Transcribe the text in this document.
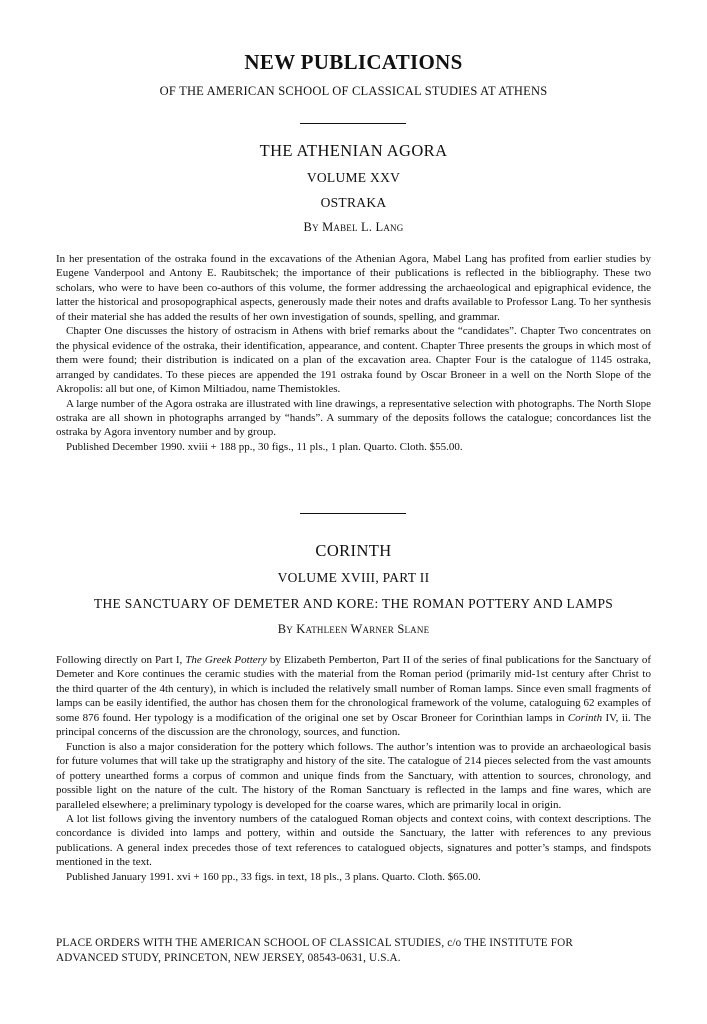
NEW PUBLICATIONS
OF THE AMERICAN SCHOOL OF CLASSICAL STUDIES AT ATHENS
THE ATHENIAN AGORA
VOLUME XXV
OSTRAKA
By Mabel L. Lang

In her presentation of the ostraka found in the excavations of the Athenian Agora, Mabel Lang has profited from earlier studies by Eugene Vanderpool and Antony E. Raubitschek; the importance of their publications is reflected in the bibliography. These two scholars, who were to have been co-authors of this volume, the former addressing the archaeological and epigraphical evidence, the latter the historical and prosopographical aspects, generously made their notes and drafts available to Professor Lang. To her synthesis of their material she has added the results of her own investigation of sounds, spelling, and grammar.

Chapter One discusses the history of ostracism in Athens with brief remarks about the “candidates”. Chapter Two concentrates on the physical evidence of the ostraka, their identification, appearance, and content. Chapter Three presents the groups in which most of them were found; their distribution is indicated on a plan of the excavation area. Chapter Four is the catalogue of 1145 ostraka, arranged by candidates. To these pieces are appended the 191 ostraka found by Oscar Broneer in a well on the North Slope of the Akropolis: all but one, of Kimon Miltiadou, name Themistokles.

A large number of the Agora ostraka are illustrated with line drawings, a representative selection with photographs. The North Slope ostraka are all shown in photographs arranged by “hands”. A summary of the deposits follows the catalogue; concordances list the ostraka by Agora inventory number and by group.

Published December 1990. xviii + 188 pp., 30 figs., 11 pls., 1 plan. Quarto. Cloth. $55.00.

CORINTH
VOLUME XVIII, PART II
THE SANCTUARY OF DEMETER AND KORE: THE ROMAN POTTERY AND LAMPS
By Kathleen Warner Slane

Following directly on Part I, The Greek Pottery by Elizabeth Pemberton, Part II of the series of final publications for the Sanctuary of Demeter and Kore continues the ceramic studies with the material from the Roman period (primarily mid-1st century after Christ to the third quarter of the 4th century), in which is included the relatively small number of Roman lamps. Since even small fragments of lamps can be easily identified, the author has chosen them for the chronological framework of the volume, cataloguing 62 examples of some 876 found. Her typology is a modification of the original one set by Oscar Broneer for Corinthian lamps in Corinth IV, ii. The principal concerns of the discussion are the chronology, sources, and function.

Function is also a major consideration for the pottery which follows. The author’s intention was to provide an archaeological basis for future volumes that will take up the stratigraphy and history of the site. The catalogue of 214 pieces selected from the vast amounts of pottery unearthed forms a corpus of common and unique finds from the Sanctuary, with attention to sources, chronology, and possible light on the nature of the cult. The history of the Roman Sanctuary is reflected in the lamps and fine wares, which are paralleled elsewhere; a preliminary typology is developed for the coarse wares, which are primarily local in origin.

A lot list follows giving the inventory numbers of the catalogued Roman objects and context coins, with context descriptions. The concordance is divided into lamps and pottery, within and outside the Sanctuary, the latter with references to any previous publications. A general index precedes those of text references to catalogued objects, signatures and potter’s stamps, and findspots mentioned in the text.

Published January 1991. xvi + 160 pp., 33 figs. in text, 18 pls., 3 plans. Quarto. Cloth. $65.00.

PLACE ORDERS WITH THE AMERICAN SCHOOL OF CLASSICAL STUDIES, c/o THE INSTITUTE FOR
ADVANCED STUDY, PRINCETON, NEW JERSEY, 08543-0631, U.S.A.
